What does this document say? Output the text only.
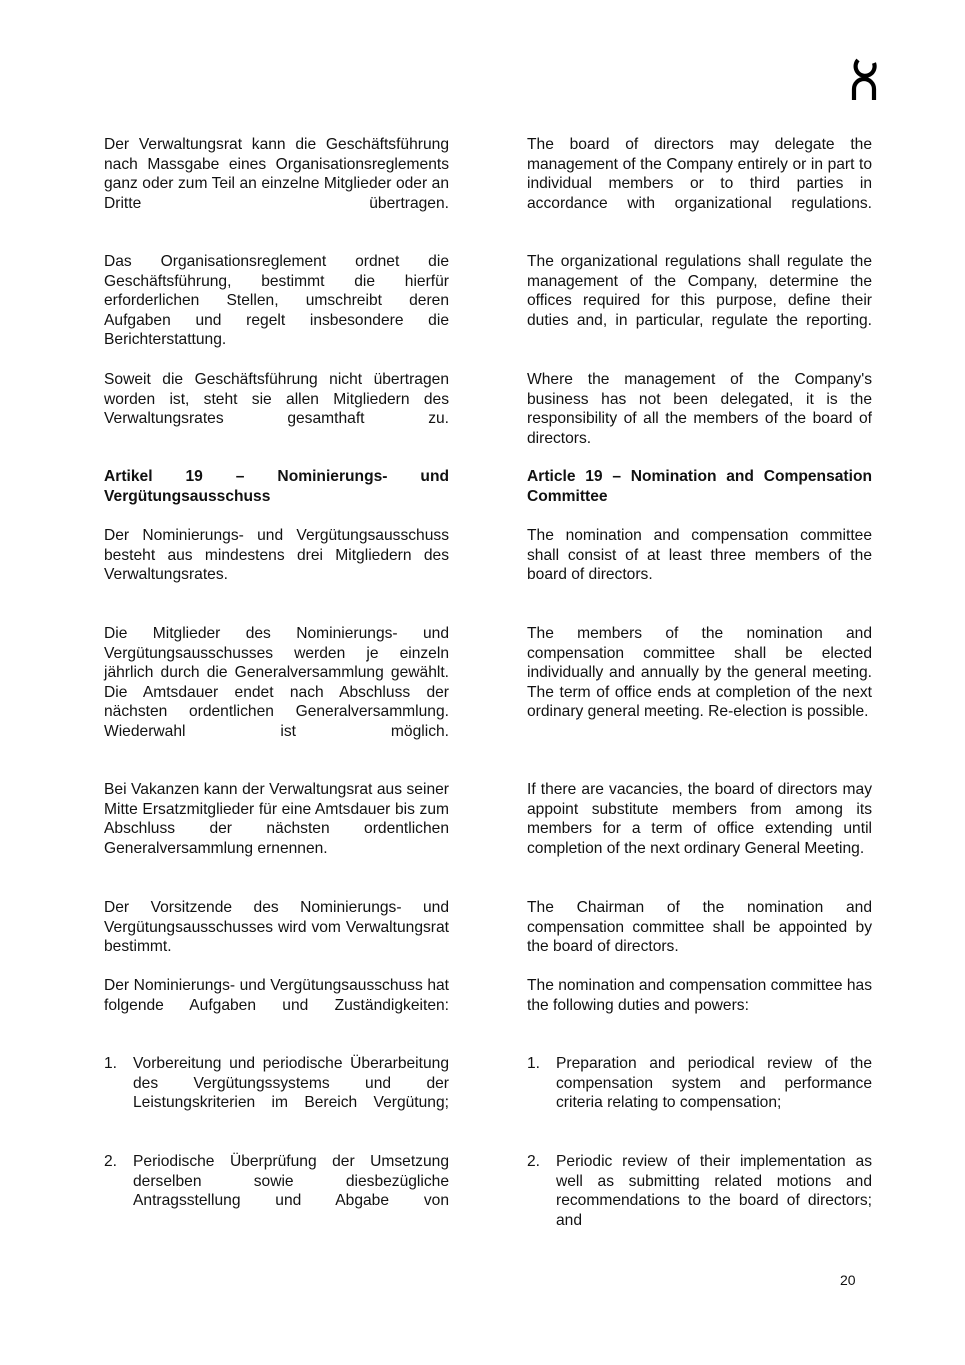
Der Verwaltungsrat kann die Geschäftsführung nach Massgabe eines Organisationsreglements ganz oder zum Teil an einzelne Mitglieder oder an Dritte übertragen.

Das Organisationsreglement ordnet die Geschäftsführung, bestimmt die hierfür erforderlichen Stellen, umschreibt deren Aufgaben und regelt insbesondere die Berichterstattung.

Soweit die Geschäftsführung nicht übertragen worden ist, steht sie allen Mitgliedern des Verwaltungsrates gesamthaft zu.

Artikel 19 – Nominierungs- und Vergütungsausschuss

Der Nominierungs- und Vergütungsausschuss besteht aus mindestens drei Mitgliedern des Verwaltungsrates.

Die Mitglieder des Nominierungs- und Vergütungsausschusses werden je einzeln jährlich durch die Generalversammlung gewählt. Die Amtsdauer endet nach Abschluss der nächsten ordentlichen Generalversammlung. Wiederwahl ist möglich.

Bei Vakanzen kann der Verwaltungsrat aus seiner Mitte Ersatzmitglieder für eine Amtsdauer bis zum Abschluss der nächsten ordentlichen Generalversammlung ernennen.

Der Vorsitzende des Nominierungs- und Vergütungsausschusses wird vom Verwaltungsrat bestimmt.

Der Nominierungs- und Vergütungsausschuss hat folgende Aufgaben und Zuständigkeiten:

1.	Vorbereitung und periodische Überarbeitung des Vergütungssystems und der Leistungskriterien im Bereich Vergütung;
2.	Periodische Überprüfung der Umsetzung derselben sowie diesbezügliche Antragsstellung und Abgabe von

The board of directors may delegate the management of the Company entirely or in part to individual members or to third parties in accordance with organizational regulations.

The organizational regulations shall regulate the management of the Company, determine the offices required for this purpose, define their duties and, in particular, regulate the reporting.

Where the management of the Company's business has not been delegated, it is the responsibility of all the members of the board of directors.

Article 19 – Nomination and Compensation Committee

The nomination and compensation committee shall consist of at least three members of the board of directors.

The members of the nomination and compensation committee shall be elected individually and annually by the general meeting. The term of office ends at completion of the next ordinary general meeting. Re-election is possible.

If there are vacancies, the board of directors may appoint substitute members from among its members for a term of office extending until completion of the next ordinary General Meeting.

The Chairman of the nomination and compensation committee shall be appointed by the board of directors.

The nomination and compensation committee has the following duties and powers:

1.	Preparation and periodical review of the compensation system and performance criteria relating to compensation;
2.	Periodic review of their implementation as well as submitting related motions and recommendations to the board of directors; and
20
